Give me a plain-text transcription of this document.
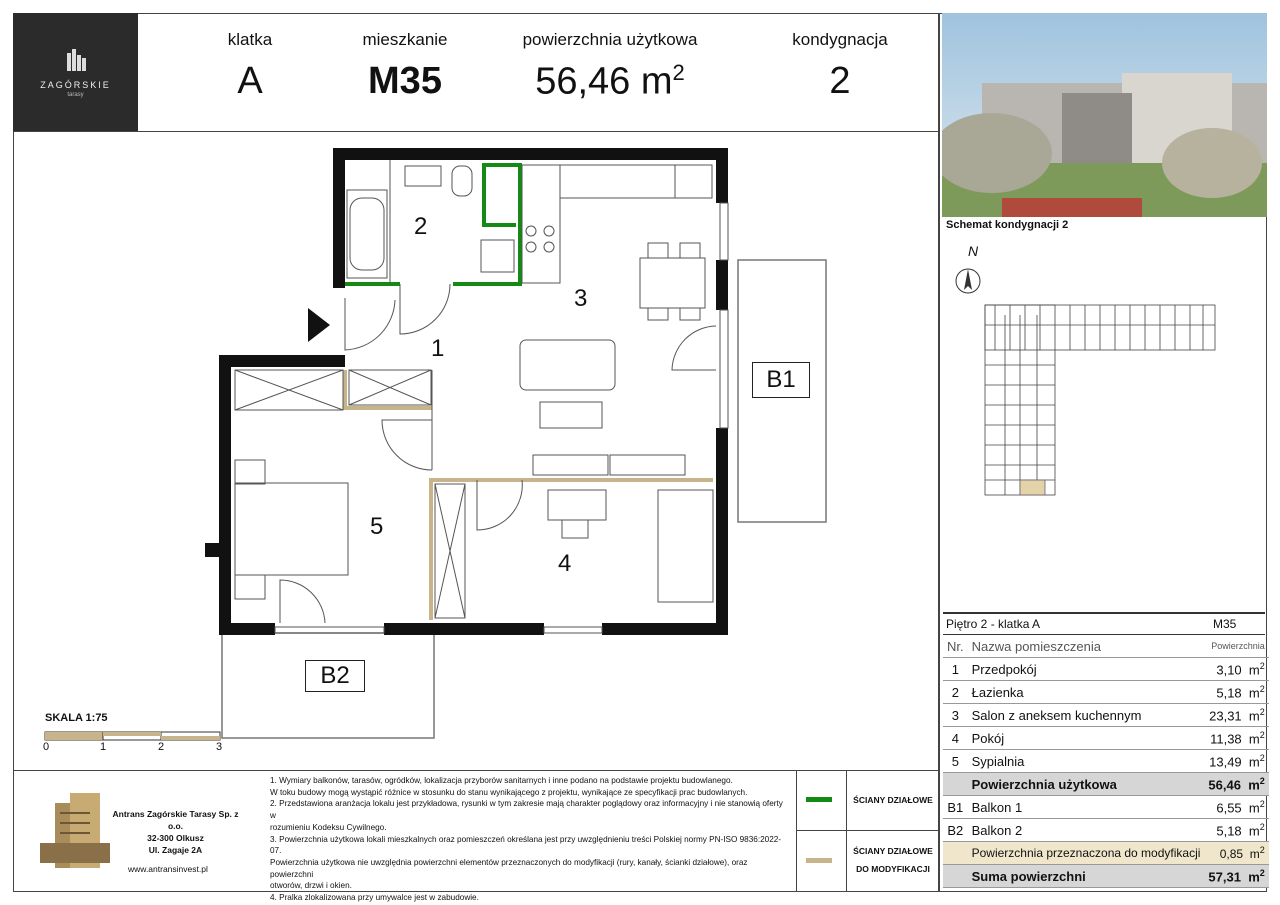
ZAGÓRSKIE
tarasy
klatka
A
mieszkanie
M35
powierzchnia użytkowa
56,46 $m^2$
kondygnacja
2
2
3
1
5
4
B1
B2
SKALA 1:75
0	1	2	3
Schemat kondygnacji 2
N
Piętro 2 - klatka A	M35
Nr.	Nazwa pomieszczenia	Powierzchnia
1	Przedpokój	3,10 $m^2$
2	Łazienka	5,18 $m^2$
3	Salon z aneksem kuchennym	23,31 $m^2$
4	Pokój	11,38 $m^2$
5	Sypialnia	13,49 $m^2$
	Powierzchnia użytkowa	56,46 $m^2$
B1	Balkon 1	6,55 $m^2$
B2	Balkon 2	5,18 $m^2$
	Powierzchnia przeznaczona do modyfikacji	0,85 $m^2$
	Suma powierzchni	57,31 $m^2$
Antrans Zagórskie Tarasy Sp. z o.o.
32-300 Olkusz
Ul. Zagaje 2A
www.antransinvest.pl
1. Wymiary balkonów, tarasów, ogródków, lokalizacja przyborów sanitarnych i inne podano na podstawie projektu budowlanego.
W toku budowy mogą wystąpić różnice w stosunku do stanu wynikającego z projektu, wynikające ze specyfikacji prac budowlanych.
2. Przedstawiona aranżacja lokalu jest przykładowa, rysunki w tym zakresie mają charakter poglądowy oraz informacyjny i nie stanowią oferty w
rozumieniu Kodeksu Cywilnego.
3. Powierzchnia użytkowa lokali mieszkalnych oraz pomieszczeń określana jest przy uwzględnieniu treści Polskiej normy PN-ISO 9836:2022-07.
Powierzchnia użytkowa nie uwzględnia powierzchni elementów przeznaczonych do modyfikacji (rury, kanały, ścianki działowe), oraz powierzchni
otworów, drzwi i okien.
4. Pralka zlokalizowana przy umywalce jest w zabudowie.
ŚCIANY DZIAŁOWE
ŚCIANY DZIAŁOWE
DO MODYFIKACJI
